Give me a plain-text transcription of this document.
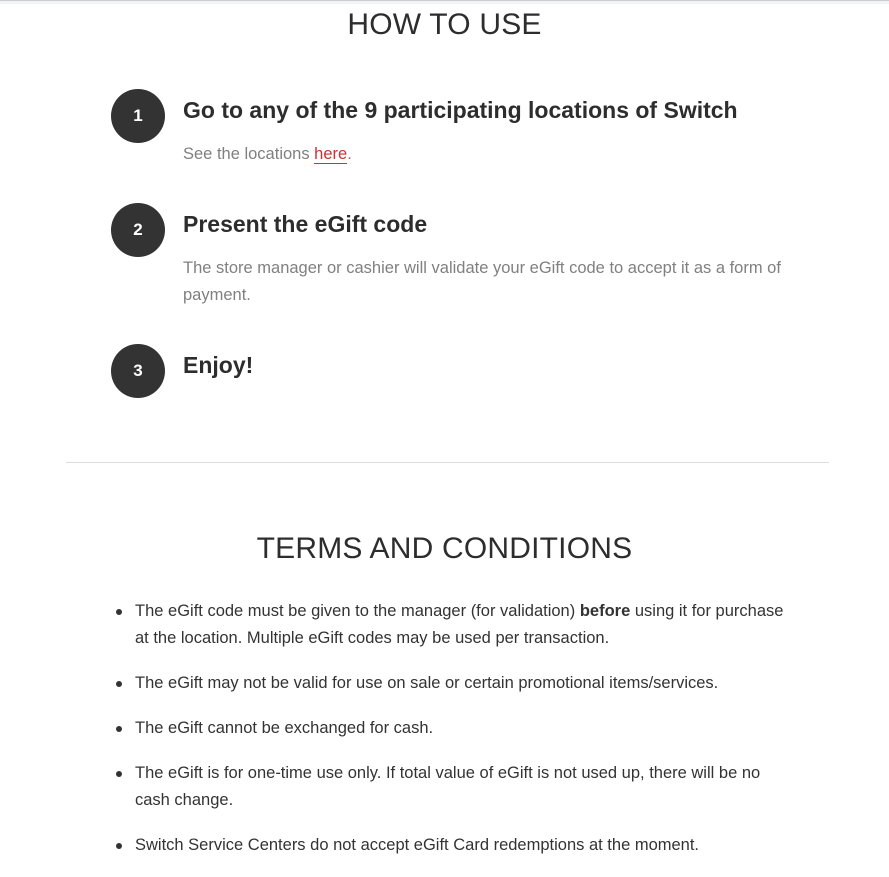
HOW TO USE
1	Go to any of the 9 participating locations of Switch

See the locations here.

2	Present the eGift code

The store manager or cashier will validate your eGift code to accept it as a form of payment.

3	Enjoy!
TERMS AND CONDITIONS
The eGift code must be given to the manager (for validation) before using it for purchase at the location. Multiple eGift codes may be used per transaction.
The eGift may not be valid for use on sale or certain promotional items/services.
The eGift cannot be exchanged for cash.
The eGift is for one-time use only. If total value of eGift is not used up, there will be no cash change.
Switch Service Centers do not accept eGift Card redemptions at the moment.
